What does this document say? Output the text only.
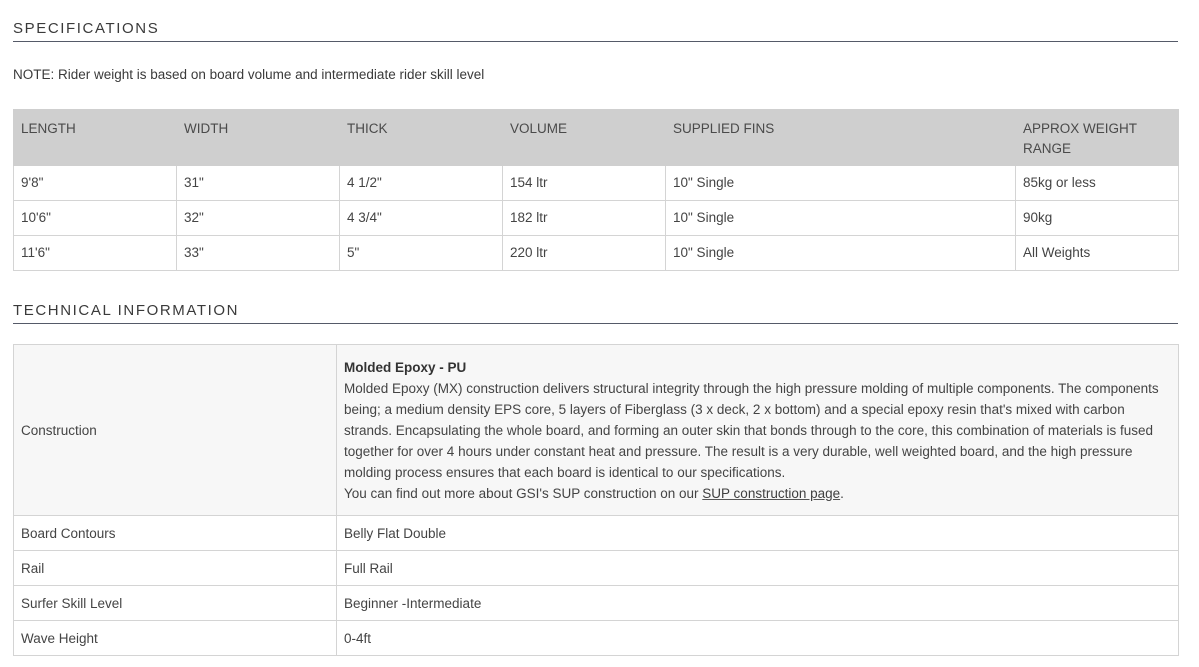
SPECIFICATIONS
NOTE: Rider weight is based on board volume and intermediate rider skill level
LENGTH	WIDTH	THICK	VOLUME	SUPPLIED FINS	APPROX WEIGHT RANGE
9'8"	31"	4 1/2"	154 ltr	10" Single	85kg or less
10'6"	32"	4 3/4"	182 ltr	10" Single	90kg
11'6"	33"	5"	220 ltr	10" Single	All Weights
TECHNICAL INFORMATION
Construction	Molded Epoxy - PU
Molded Epoxy (MX) construction delivers structural integrity through the high pressure molding of multiple components. The components being; a medium density EPS core, 5 layers of Fiberglass (3 x deck, 2 x bottom) and a special epoxy resin that's mixed with carbon strands. Encapsulating the whole board, and forming an outer skin that bonds through to the core, this combination of materials is fused together for over 4 hours under constant heat and pressure. The result is a very durable, well weighted board, and the high pressure molding process ensures that each board is identical to our specifications.
You can find out more about GSI's SUP construction on our SUP construction page.

Board Contours	Belly Flat Double
Rail	Full Rail
Surfer Skill Level	Beginner -Intermediate
Wave Height	0-4ft
